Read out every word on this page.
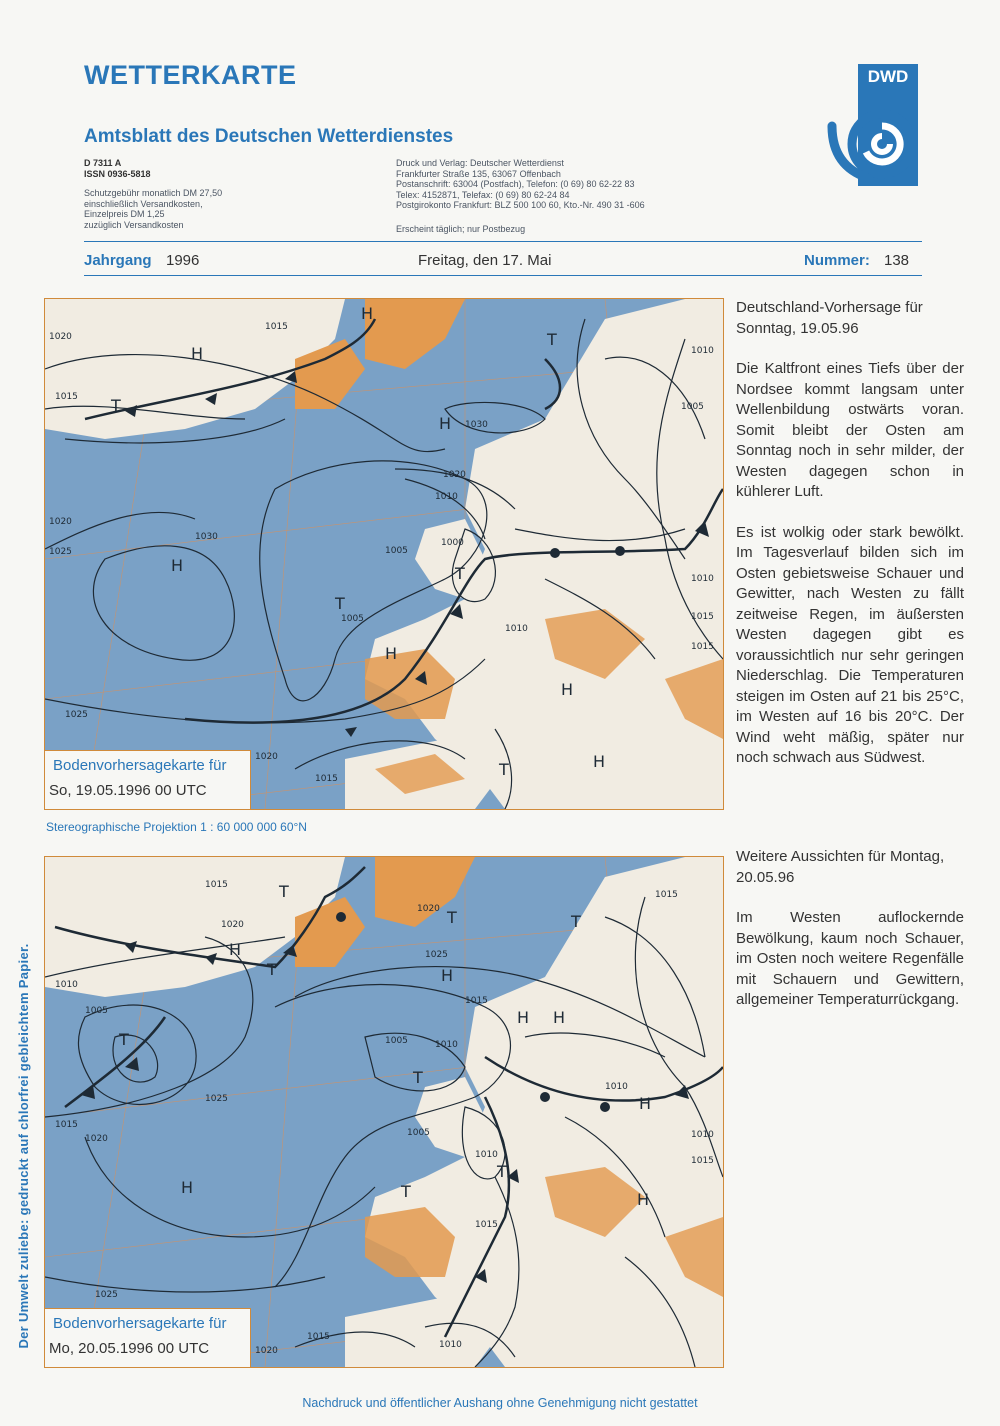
WETTERKARTE
Amtsblatt des Deutschen Wetterdienstes
D 7311 A
ISSN 0936-5818
Schutzgebühr monatlich DM 27,50
einschließlich Versandkosten,
Einzelpreis DM 1,25
zuzüglich Versandkosten
Druck und Verlag: Deutscher Wetterdienst
Frankfurter Straße 135, 63067 Offenbach
Postanschrift: 63004 (Postfach), Telefon: (0 69) 80 62-22 83
Telex: 4152871, Telefax: (0 69) 80 62-24 84
Postgirokonto Frankfurt: BLZ 500 100 60, Kto.-Nr. 490 31 -606
Erscheint täglich; nur Postbezug
DWD
Jahrgang 1996	Freitag, den 17. Mai	Nummer: 138
H
H
H
T
T
T
T
H
H
H
T
H
1020
1015
1015
1020
1025
1030
1030
1020
1010
1005
1000
1005
1010
1025
1015
1010
1005
1010
1015
1015
1020
Bodenvorhersagekarte für
So, 19.05.1996 00 UTC
Stereographische Projektion 1 : 60 000 000 60°N
T
H
T
T	H
T	T
H H
H
T
T
T
H
H
1015
1020
1010
1005
1015
1020
1025
1025
1020
1025
1015
1010
1005
1005
1010
1015
1015
1010
1010
1015
1020
1015
1010
Bodenvorhersagekarte für
Mo, 20.05.1996 00 UTC

Deutschland-Vorhersage für Sonntag, 19.05.96

Die Kaltfront eines Tiefs über der Nordsee kommt langsam unter Wellenbildung ostwärts voran. Somit bleibt der Osten am Sonntag noch in sehr milder, der Westen dagegen schon in kühlerer Luft.

Es ist wolkig oder stark bewölkt. Im Tagesverlauf bilden sich im Osten gebietsweise Schauer und Gewitter, nach Westen zu fällt zeitweise Regen, im äußersten Westen dagegen gibt es voraussichtlich nur sehr geringen Niederschlag. Die Temperaturen steigen im Osten auf 21 bis 25°C, im Westen auf 16 bis 20°C. Der Wind weht mäßig, später nur noch schwach aus Südwest.

Weitere Aussichten für Montag, 20.05.96

Im Westen auflockernde Bewölkung, kaum noch Schauer, im Osten noch weitere Regenfälle mit Schauern und Gewittern, allgemeiner Temperaturrückgang.

Der Umwelt zuliebe: gedruckt auf chlorfrei gebleichtem Papier.
Nachdruck und öffentlicher Aushang ohne Genehmigung nicht gestattet
